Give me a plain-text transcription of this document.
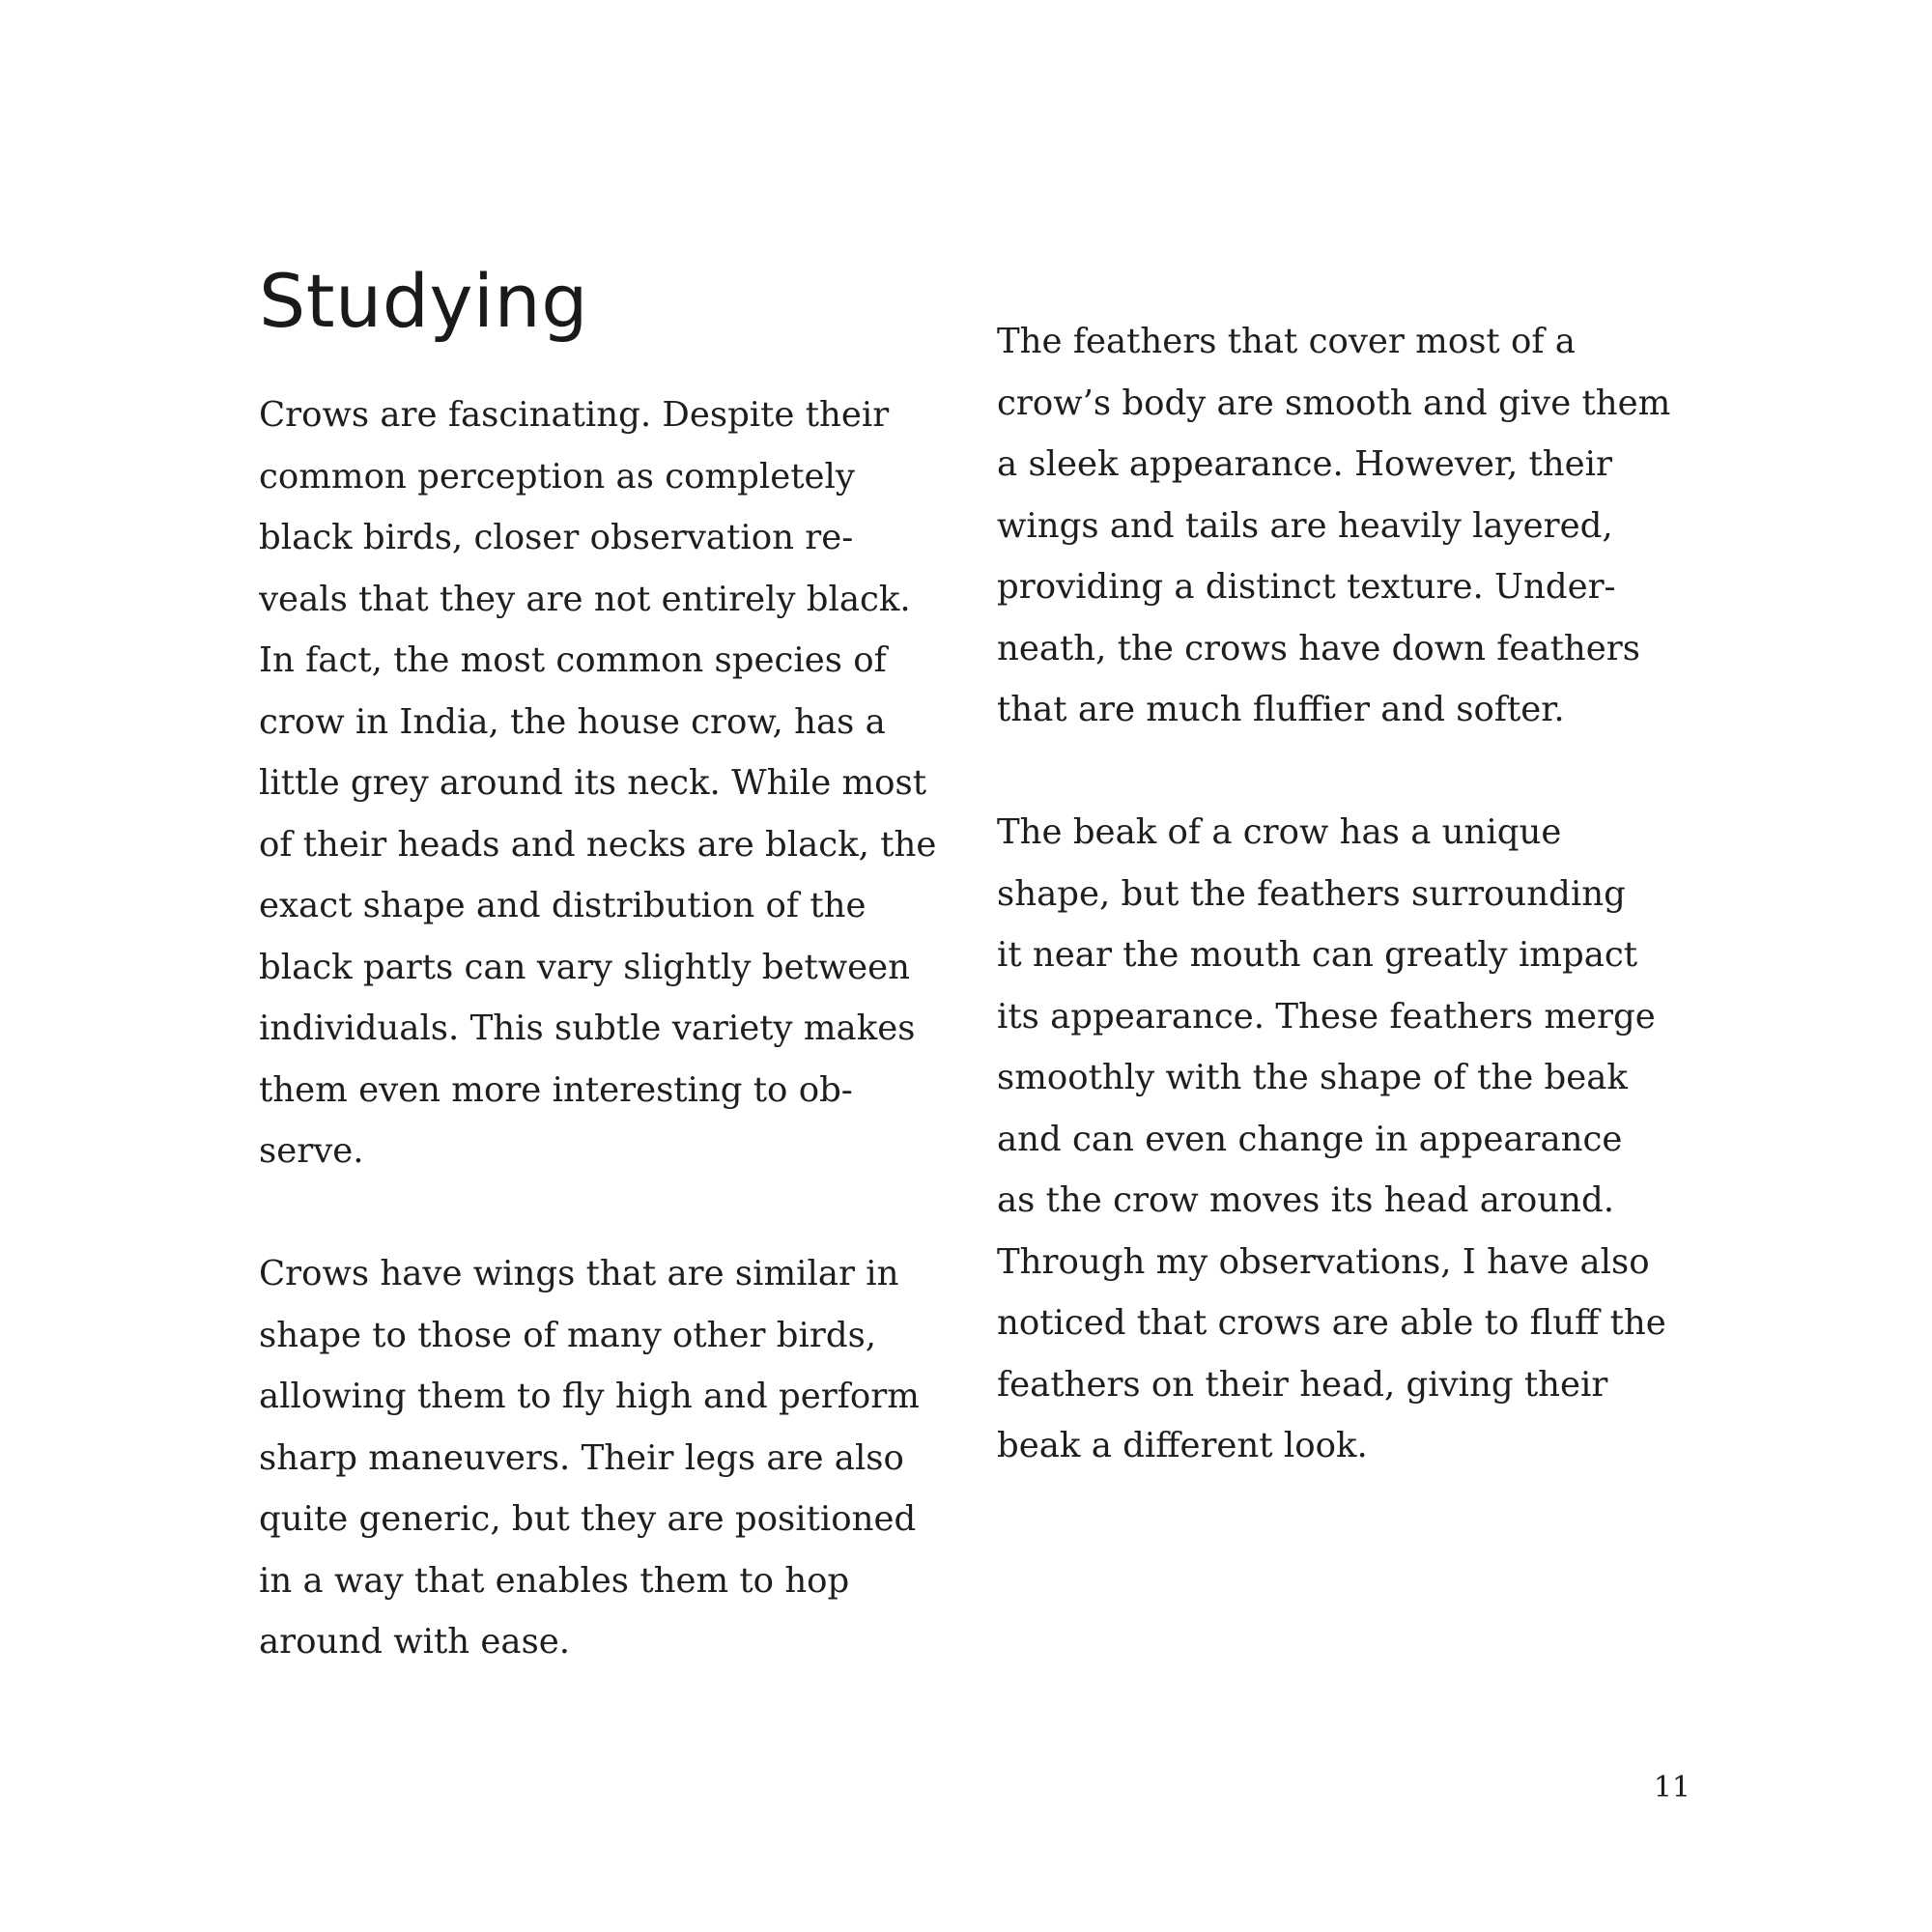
Studying

Crows are fascinating. Despite their
common perception as completely
black birds, closer observation re-
veals that they are not entirely black.
In fact, the most common species of
crow in India, the house crow, has a
little grey around its neck. While most
of their heads and necks are black, the
exact shape and distribution of the
black parts can vary slightly between
individuals. This subtle variety makes
them even more interesting to ob-
serve.

Crows have wings that are similar in
shape to those of many other birds,
allowing them to fly high and perform
sharp maneuvers. Their legs are also
quite generic, but they are positioned
in a way that enables them to hop
around with ease.

The feathers that cover most of a
crow’s body are smooth and give them
a sleek appearance. However, their
wings and tails are heavily layered,
providing a distinct texture. Under-
neath, the crows have down feathers
that are much fluffier and softer.

The beak of a crow has a unique
shape, but the feathers surrounding
it near the mouth can greatly impact
its appearance. These feathers merge
smoothly with the shape of the beak
and can even change in appearance
as the crow moves its head around.
Through my observations, I have also
noticed that crows are able to fluff the
feathers on their head, giving their
beak a different look.

11
